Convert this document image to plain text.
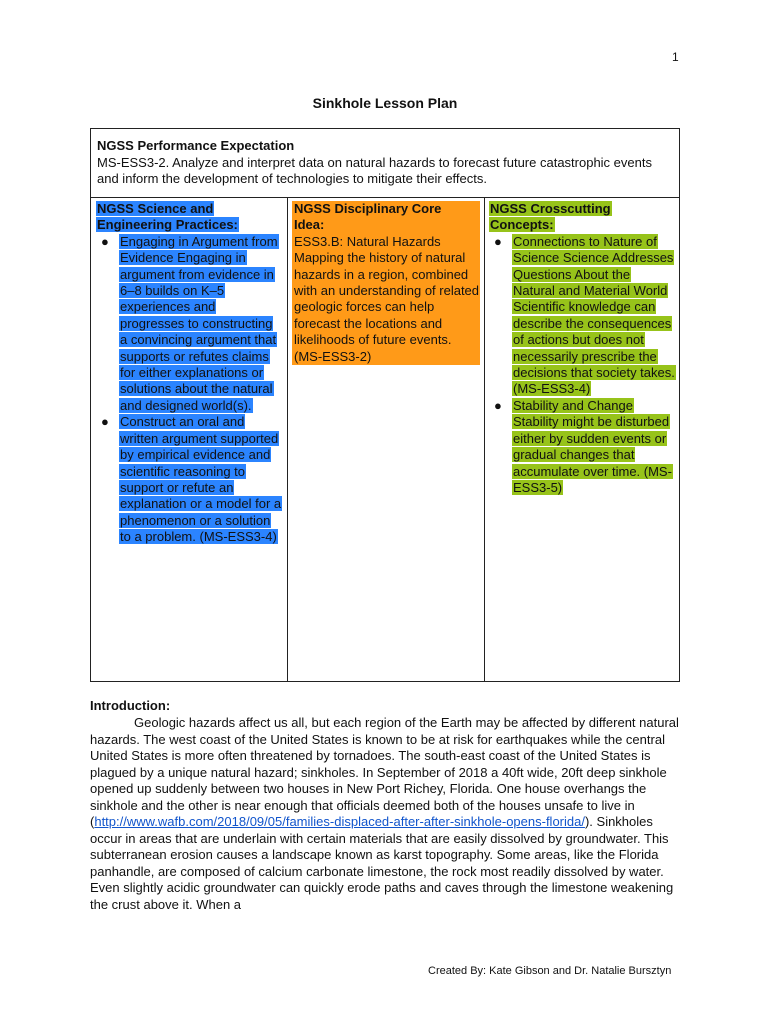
1
Sinkhole Lesson Plan
NGSS Performance Expectation
MS-ESS3-2. Analyze and interpret data on natural hazards to forecast future catastrophic events and inform the development of technologies to mitigate their effects.
NGSS Science and
Engineering Practices:
● Engaging in Argument from Evidence Engaging in argument from evidence in 6–8 builds on K–5 experiences and progresses to constructing a convincing argument that supports or refutes claims for either explanations or solutions about the natural and designed world(s).
● Construct an oral and written argument supported by empirical evidence and scientific reasoning to support or refute an explanation or a model for a phenomenon or a solution to a problem. (MS-ESS3-4)
NGSS Disciplinary Core
Idea:
ESS3.B: Natural Hazards Mapping the history of natural hazards in a region, combined with an understanding of related geologic forces can help forecast the locations and likelihoods of future events. (MS-ESS3-2)
NGSS Crosscutting
Concepts:
● Connections to Nature of Science Science Addresses Questions About the Natural and Material World Scientific knowledge can describe the consequences of actions but does not necessarily prescribe the decisions that society takes. (MS-ESS3-4)
● Stability and Change Stability might be disturbed either by sudden events or gradual changes that accumulate over time. (MS-ESS3-5)
Introduction:
Geologic hazards affect us all, but each region of the Earth may be affected by different natural hazards. The west coast of the United States is known to be at risk for earthquakes while the central United States is more often threatened by tornadoes. The south-east coast of the United States is plagued by a unique natural hazard; sinkholes. In September of 2018 a 40ft wide, 20ft deep sinkhole opened up suddenly between two houses in New Port Richey, Florida. One house overhangs the sinkhole and the other is near enough that officials deemed both of the houses unsafe to live in (http://www.wafb.com/2018/09/05/families-displaced-after-after-sinkhole-opens-florida/). Sinkholes occur in areas that are underlain with certain materials that are easily dissolved by groundwater. This subterranean erosion causes a landscape known as karst topography. Some areas, like the Florida panhandle, are composed of calcium carbonate limestone, the rock most readily dissolved by water. Even slightly acidic groundwater can quickly erode paths and caves through the limestone weakening the crust above it. When a
Created By: Kate Gibson and Dr. Natalie Bursztyn
